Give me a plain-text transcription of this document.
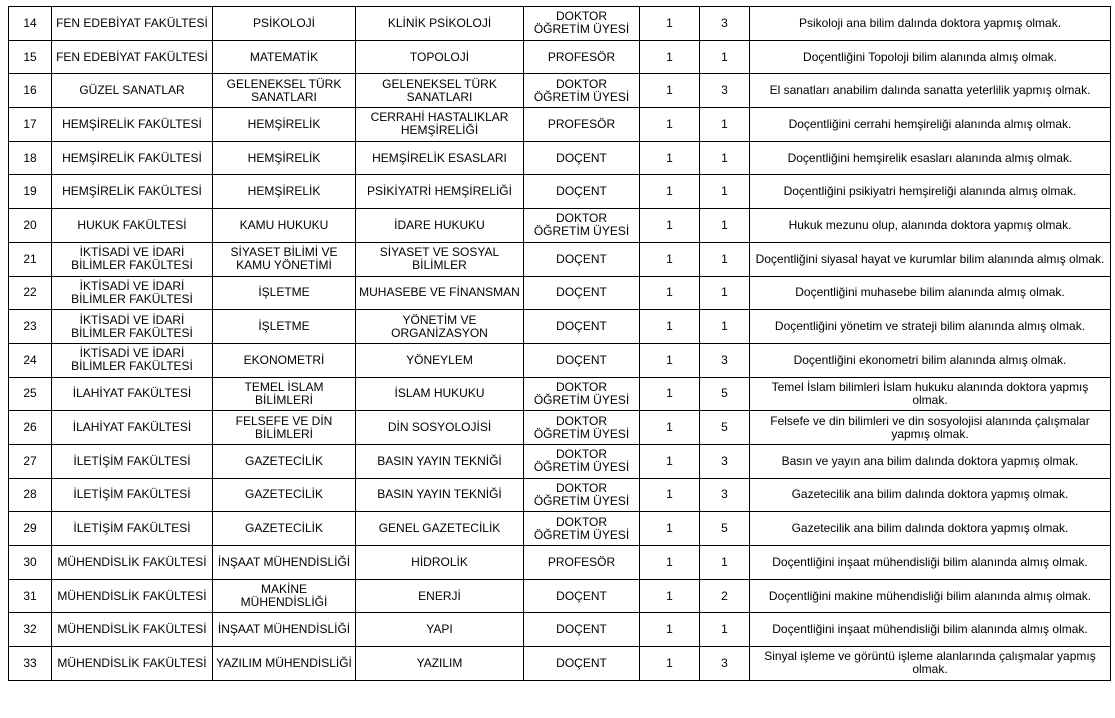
14	FEN EDEBİYAT FAKÜLTESİ	PSİKOLOJİ	KLİNİK PSİKOLOJİ	DOKTOR ÖĞRETİM ÜYESİ	1	3	Psikoloji ana bilim dalında doktora yapmış olmak.
15	FEN EDEBİYAT FAKÜLTESİ	MATEMATİK	TOPOLOJİ	PROFESÖR	1	1	Doçentliğini Topoloji bilim alanında almış olmak.
16	GÜZEL SANATLAR	GELENEKSEL TÜRK SANATLARI	GELENEKSEL TÜRK SANATLARI	DOKTOR ÖĞRETİM ÜYESİ	1	3	El sanatları anabilim dalında sanatta yeterlilik yapmış olmak.
17	HEMŞİRELİK FAKÜLTESİ	HEMŞİRELİK	CERRAHİ HASTALIKLAR HEMŞİRELİĞİ	PROFESÖR	1	1	Doçentliğini cerrahi hemşireliği alanında almış olmak.
18	HEMŞİRELİK FAKÜLTESİ	HEMŞİRELİK	HEMŞİRELİK ESASLARI	DOÇENT	1	1	Doçentliğini hemşirelik esasları alanında almış olmak.
19	HEMŞİRELİK FAKÜLTESİ	HEMŞİRELİK	PSİKİYATRİ HEMŞİRELİĞİ	DOÇENT	1	1	Doçentliğini psikiyatri hemşireliği alanında almış olmak.
20	HUKUK FAKÜLTESİ	KAMU HUKUKU	İDARE HUKUKU	DOKTOR ÖĞRETİM ÜYESİ	1	1	Hukuk mezunu olup, alanında doktora yapmış olmak.
21	İKTİSADİ VE İDARİ BİLİMLER FAKÜLTESİ	SİYASET BİLİMİ VE KAMU YÖNETİMİ	SİYASET VE SOSYAL BİLİMLER	DOÇENT	1	1	Doçentliğini siyasal hayat ve kurumlar bilim alanında almış olmak.
22	İKTİSADİ VE İDARİ BİLİMLER FAKÜLTESİ	İŞLETME	MUHASEBE VE FİNANSMAN	DOÇENT	1	1	Doçentliğini muhasebe bilim alanında almış olmak.
23	İKTİSADİ VE İDARİ BİLİMLER FAKÜLTESİ	İŞLETME	YÖNETİM VE ORGANİZASYON	DOÇENT	1	1	Doçentliğini yönetim ve strateji bilim alanında almış olmak.
24	İKTİSADİ VE İDARİ BİLİMLER FAKÜLTESİ	EKONOMETRİ	YÖNEYLEM	DOÇENT	1	3	Doçentliğini ekonometri bilim alanında almış olmak.
25	İLAHİYAT FAKÜLTESİ	TEMEL İSLAM BİLİMLERİ	İSLAM HUKUKU	DOKTOR ÖĞRETİM ÜYESİ	1	5	Temel İslam bilimleri İslam hukuku alanında doktora yapmış olmak.
26	İLAHİYAT FAKÜLTESİ	FELSEFE VE DİN BİLİMLERİ	DİN SOSYOLOJİSİ	DOKTOR ÖĞRETİM ÜYESİ	1	5	Felsefe ve din bilimleri ve din sosyolojisi alanında çalışmalar yapmış olmak.
27	İLETİŞİM FAKÜLTESİ	GAZETECİLİK	BASIN YAYIN TEKNİĞİ	DOKTOR ÖĞRETİM ÜYESİ	1	3	Basın ve yayın ana bilim dalında doktora yapmış olmak.
28	İLETİŞİM FAKÜLTESİ	GAZETECİLİK	BASIN YAYIN TEKNİĞİ	DOKTOR ÖĞRETİM ÜYESİ	1	3	Gazetecilik ana bilim dalında doktora yapmış olmak.
29	İLETİŞİM FAKÜLTESİ	GAZETECİLİK	GENEL GAZETECİLİK	DOKTOR ÖĞRETİM ÜYESİ	1	5	Gazetecilik ana bilim dalında doktora yapmış olmak.
30	MÜHENDİSLİK FAKÜLTESİ	İNŞAAT MÜHENDİSLİĞİ	HİDROLİK	PROFESÖR	1	1	Doçentliğini inşaat mühendisliği bilim alanında almış olmak.
31	MÜHENDİSLİK FAKÜLTESİ	MAKİNE MÜHENDİSLİĞİ	ENERJİ	DOÇENT	1	2	Doçentliğini makine mühendisliği bilim alanında almış olmak.
32	MÜHENDİSLİK FAKÜLTESİ	İNŞAAT MÜHENDİSLİĞİ	YAPI	DOÇENT	1	1	Doçentliğini inşaat mühendisliği bilim alanında almış olmak.
33	MÜHENDİSLİK FAKÜLTESİ	YAZILIM MÜHENDİSLİĞİ	YAZILIM	DOÇENT	1	3	Sinyal işleme ve görüntü işleme alanlarında çalışmalar yapmış olmak.
